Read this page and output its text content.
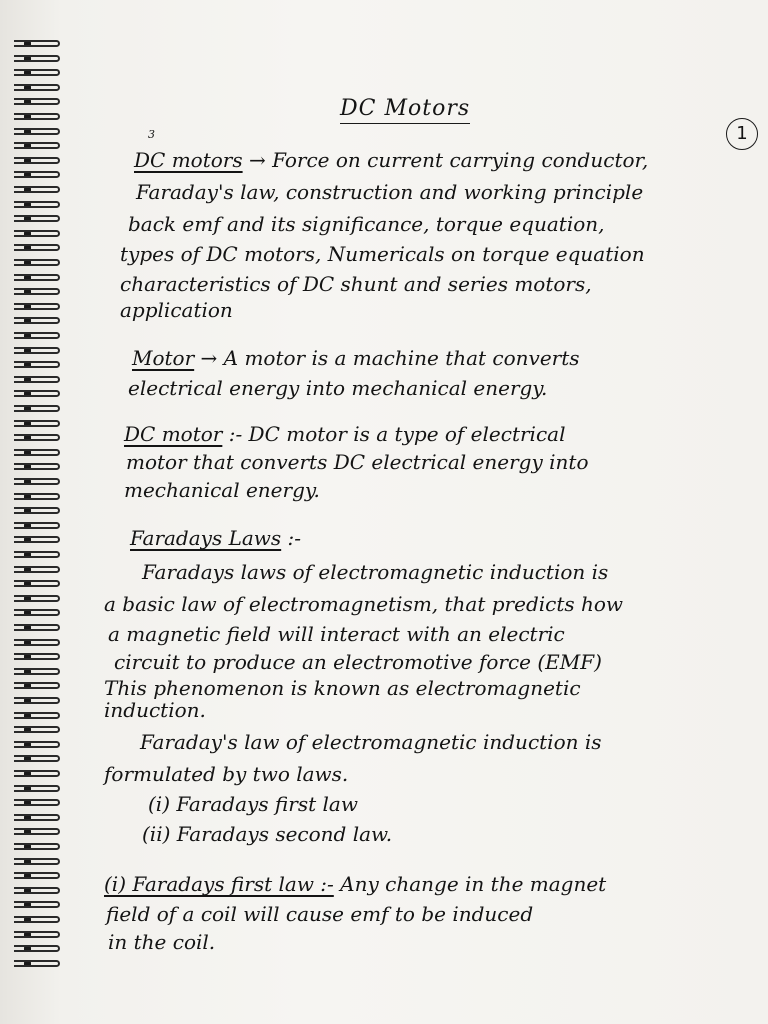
DC Motors
1
3
DC motors → Force on current carrying conductor,
Faraday's law, construction and working principle
back emf and its significance, torque equation,
types of DC motors, Numericals on torque equation
characteristics of DC shunt and series motors,
application
Motor → A motor is a machine that converts
electrical energy into mechanical energy.
DC motor :- DC motor is a type of electrical
motor that converts DC electrical energy into
mechanical energy.
Faradays Laws :-
Faradays laws of electromagnetic induction is
a basic law of electromagnetism, that predicts how
a magnetic field will interact with an electric
circuit to produce an electromotive force (EMF)
This phenomenon is known as electromagnetic
induction.
Faraday's law of electromagnetic induction is
formulated by two laws.
(i) Faradays first law
(ii) Faradays second law.
(i) Faradays first law :- Any change in the magnet
field of a coil will cause emf to be induced
in the coil.
